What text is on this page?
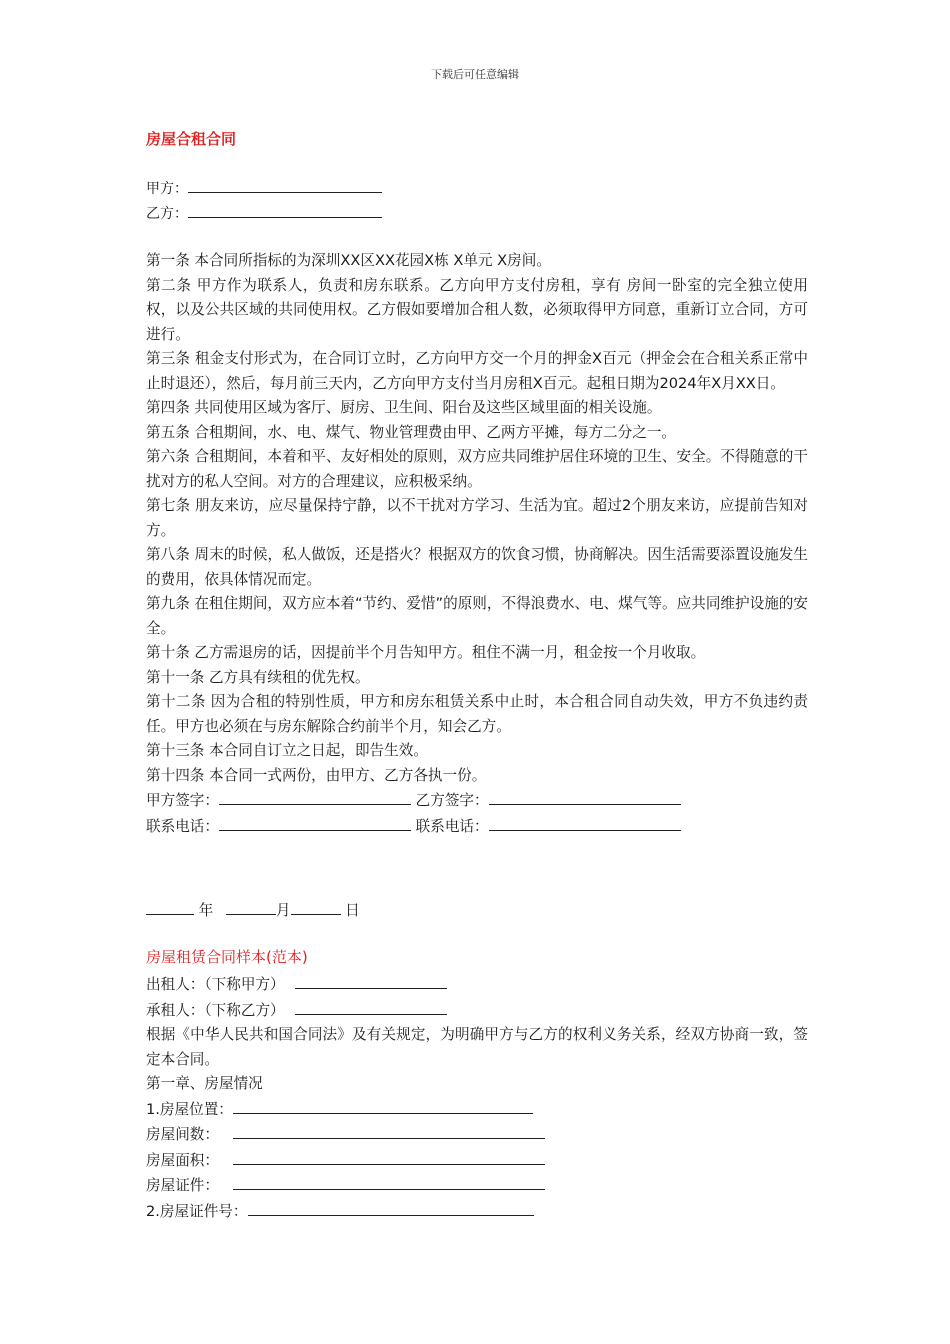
下载后可任意编辑
房屋合租合同
甲方：
乙方：

第一条 本合同所指标的为深圳XX区XX花园X栋 X单元 X房间。

第二条 甲方作为联系人，负责和房东联系。乙方向甲方支付房租，享有 房间一卧室的完全独立使用权，以及公共区域的共同使用权。乙方假如要增加合租人数，必须取得甲方同意，重新订立合同，方可进行。

第三条 租金支付形式为，在合同订立时，乙方向甲方交一个月的押金X百元（押金会在合租关系正常中止时退还），然后，每月前三天内，乙方向甲方支付当月房租X百元。起租日期为2024年X月XX日。

第四条 共同使用区域为客厅、厨房、卫生间、阳台及这些区域里面的相关设施。

第五条 合租期间，水、电、煤气、物业管理费由甲、乙两方平摊，每方二分之一。

第六条 合租期间，本着和平、友好相处的原则，双方应共同维护居住环境的卫生、安全。不得随意的干扰对方的私人空间。对方的合理建议，应积极采纳。

第七条 朋友来访，应尽量保持宁静，以不干扰对方学习、生活为宜。超过2个朋友来访，应提前告知对方。

第八条 周末的时候，私人做饭，还是搭火？根据双方的饮食习惯，协商解决。因生活需要添置设施发生的费用，依具体情况而定。

第九条 在租住期间，双方应本着“节约、爱惜”的原则，不得浪费水、电、煤气等。应共同维护设施的安全。

第十条 乙方需退房的话，因提前半个月告知甲方。租住不满一月，租金按一个月收取。

第十一条 乙方具有续租的优先权。

第十二条 因为合租的特别性质，甲方和房东租赁关系中止时，本合租合同自动失效，甲方不负违约责任。甲方也必须在与房东解除合约前半个月，知会乙方。

第十三条 本合同自订立之日起，即告生效。

第十四条 本合同一式两份，由甲方、乙方各执一份。

甲方签字：	乙方签字：

联系电话：	联系电话：

年	月	日
房屋租赁合同样本(范本)

出租人：（下称甲方）

承租人：（下称乙方）

根据《中华人民共和国合同法》及有关规定，为明确甲方与乙方的权利义务关系，经双方协商一致，签定本合同。

第一章、房屋情况

1.房屋位置：

房屋间数：

房屋面积：

房屋证件：

2.房屋证件号：
